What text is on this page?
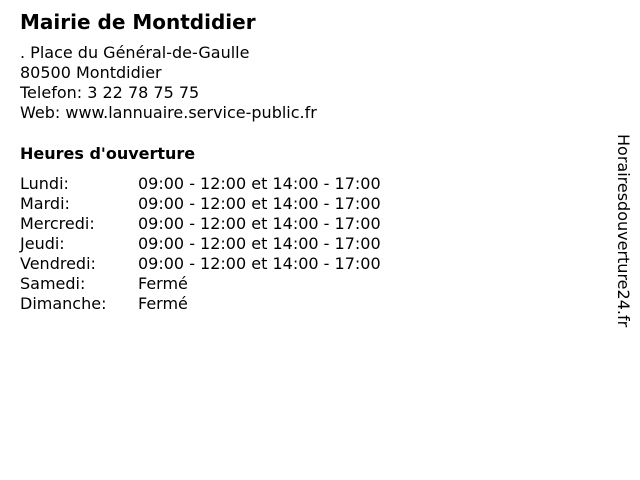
Mairie de Montdidier
. Place du Général-de-Gaulle
80500 Montdidier
Telefon: 3 22 78 75 75
Web: www.lannuaire.service-public.fr
Heures d'ouverture
Lundi:	09:00 - 12:00 et 14:00 - 17:00
Mardi:	09:00 - 12:00 et 14:00 - 17:00
Mercredi:	09:00 - 12:00 et 14:00 - 17:00
Jeudi:	09:00 - 12:00 et 14:00 - 17:00
Vendredi:	09:00 - 12:00 et 14:00 - 17:00
Samedi:	Fermé
Dimanche:	Fermé	Horairesdouverture24.fr
